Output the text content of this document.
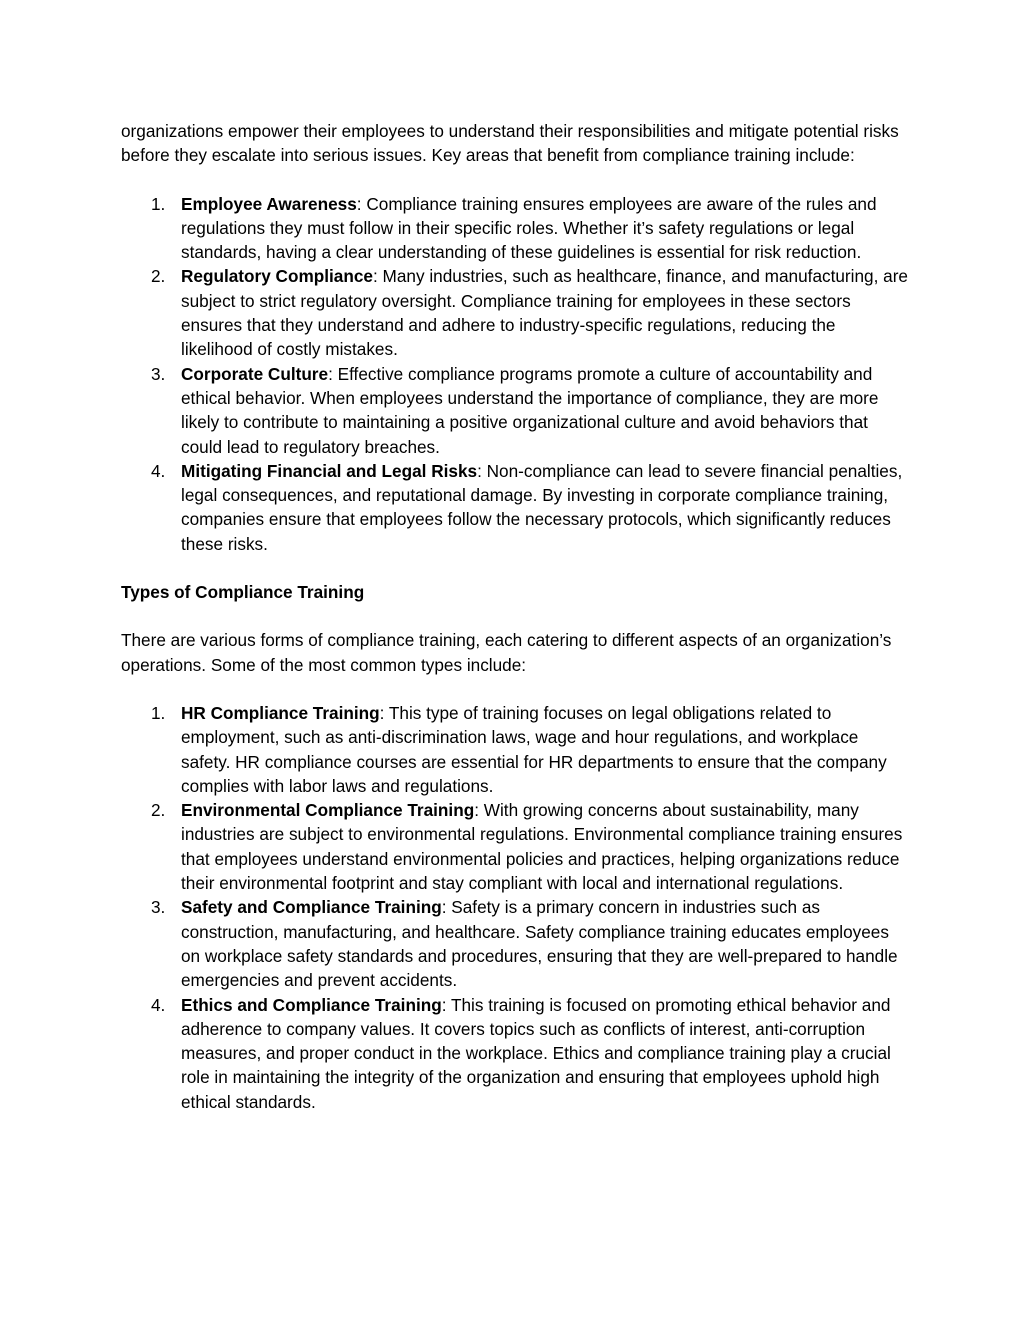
organizations empower their employees to understand their responsibilities and mitigate potential risks before they escalate into serious issues. Key areas that benefit from compliance training include:

1. Employee Awareness: Compliance training ensures employees are aware of the rules and regulations they must follow in their specific roles. Whether it’s safety regulations or legal standards, having a clear understanding of these guidelines is essential for risk reduction.
2. Regulatory Compliance: Many industries, such as healthcare, finance, and manufacturing, are subject to strict regulatory oversight. Compliance training for employees in these sectors ensures that they understand and adhere to industry-specific regulations, reducing the likelihood of costly mistakes.
3. Corporate Culture: Effective compliance programs promote a culture of accountability and ethical behavior. When employees understand the importance of compliance, they are more likely to contribute to maintaining a positive organizational culture and avoid behaviors that could lead to regulatory breaches.
4. Mitigating Financial and Legal Risks: Non-compliance can lead to severe financial penalties, legal consequences, and reputational damage. By investing in corporate compliance training, companies ensure that employees follow the necessary protocols, which significantly reduces these risks.

Types of Compliance Training

There are various forms of compliance training, each catering to different aspects of an organization’s operations. Some of the most common types include:

1. HR Compliance Training: This type of training focuses on legal obligations related to employment, such as anti-discrimination laws, wage and hour regulations, and workplace safety. HR compliance courses are essential for HR departments to ensure that the company complies with labor laws and regulations.
2. Environmental Compliance Training: With growing concerns about sustainability, many industries are subject to environmental regulations. Environmental compliance training ensures that employees understand environmental policies and practices, helping organizations reduce their environmental footprint and stay compliant with local and international regulations.
3. Safety and Compliance Training: Safety is a primary concern in industries such as construction, manufacturing, and healthcare. Safety compliance training educates employees on workplace safety standards and procedures, ensuring that they are well-prepared to handle emergencies and prevent accidents.
4. Ethics and Compliance Training: This training is focused on promoting ethical behavior and adherence to company values. It covers topics such as conflicts of interest, anti-corruption measures, and proper conduct in the workplace. Ethics and compliance training play a crucial role in maintaining the integrity of the organization and ensuring that employees uphold high ethical standards.
